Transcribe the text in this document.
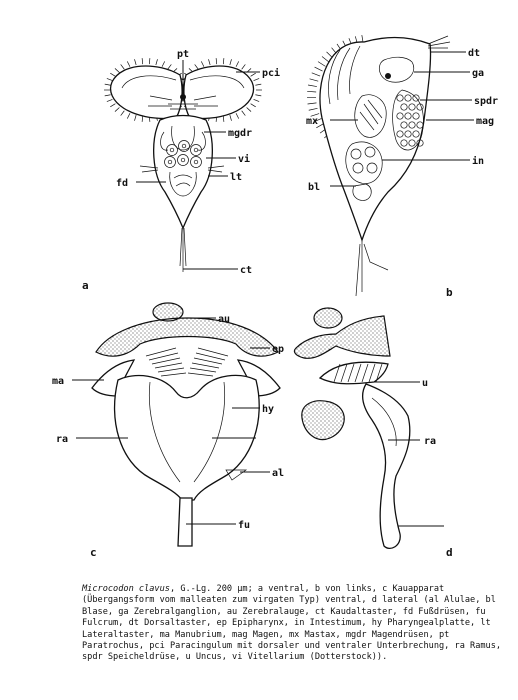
pt
pci
mgdr
vi
fd
lt
ct
a
dt
ga
spdr
mx	mag
in
bl
b
au
ep
ma
hy
ra
al
fu
c
u
ra
d
Microcodon clavus, G.-Lg. 200 µm; a ventral, b von links, c Kauapparat (Übergangsform vom malleaten zum virgaten Typ) ventral, d lateral (al Alulae, bl Blase, ga Zerebralganglion, au Zerebralauge, ct Kaudaltaster, fd Fußdrüsen, fu Fulcrum, dt Dorsaltaster, ep Epipharynx, in Intestimum, hy Pharyngealplatte, lt Lateraltaster, ma Manubrium, mag Magen, mx Mastax, mgdr Magendrüsen, pt Paratrochus, pci Paracingulum mit dorsaler und ventraler Unterbrechung, ra Ramus, spdr Speicheldrüse, u Uncus, vi Vitellarium (Dotterstock)).
